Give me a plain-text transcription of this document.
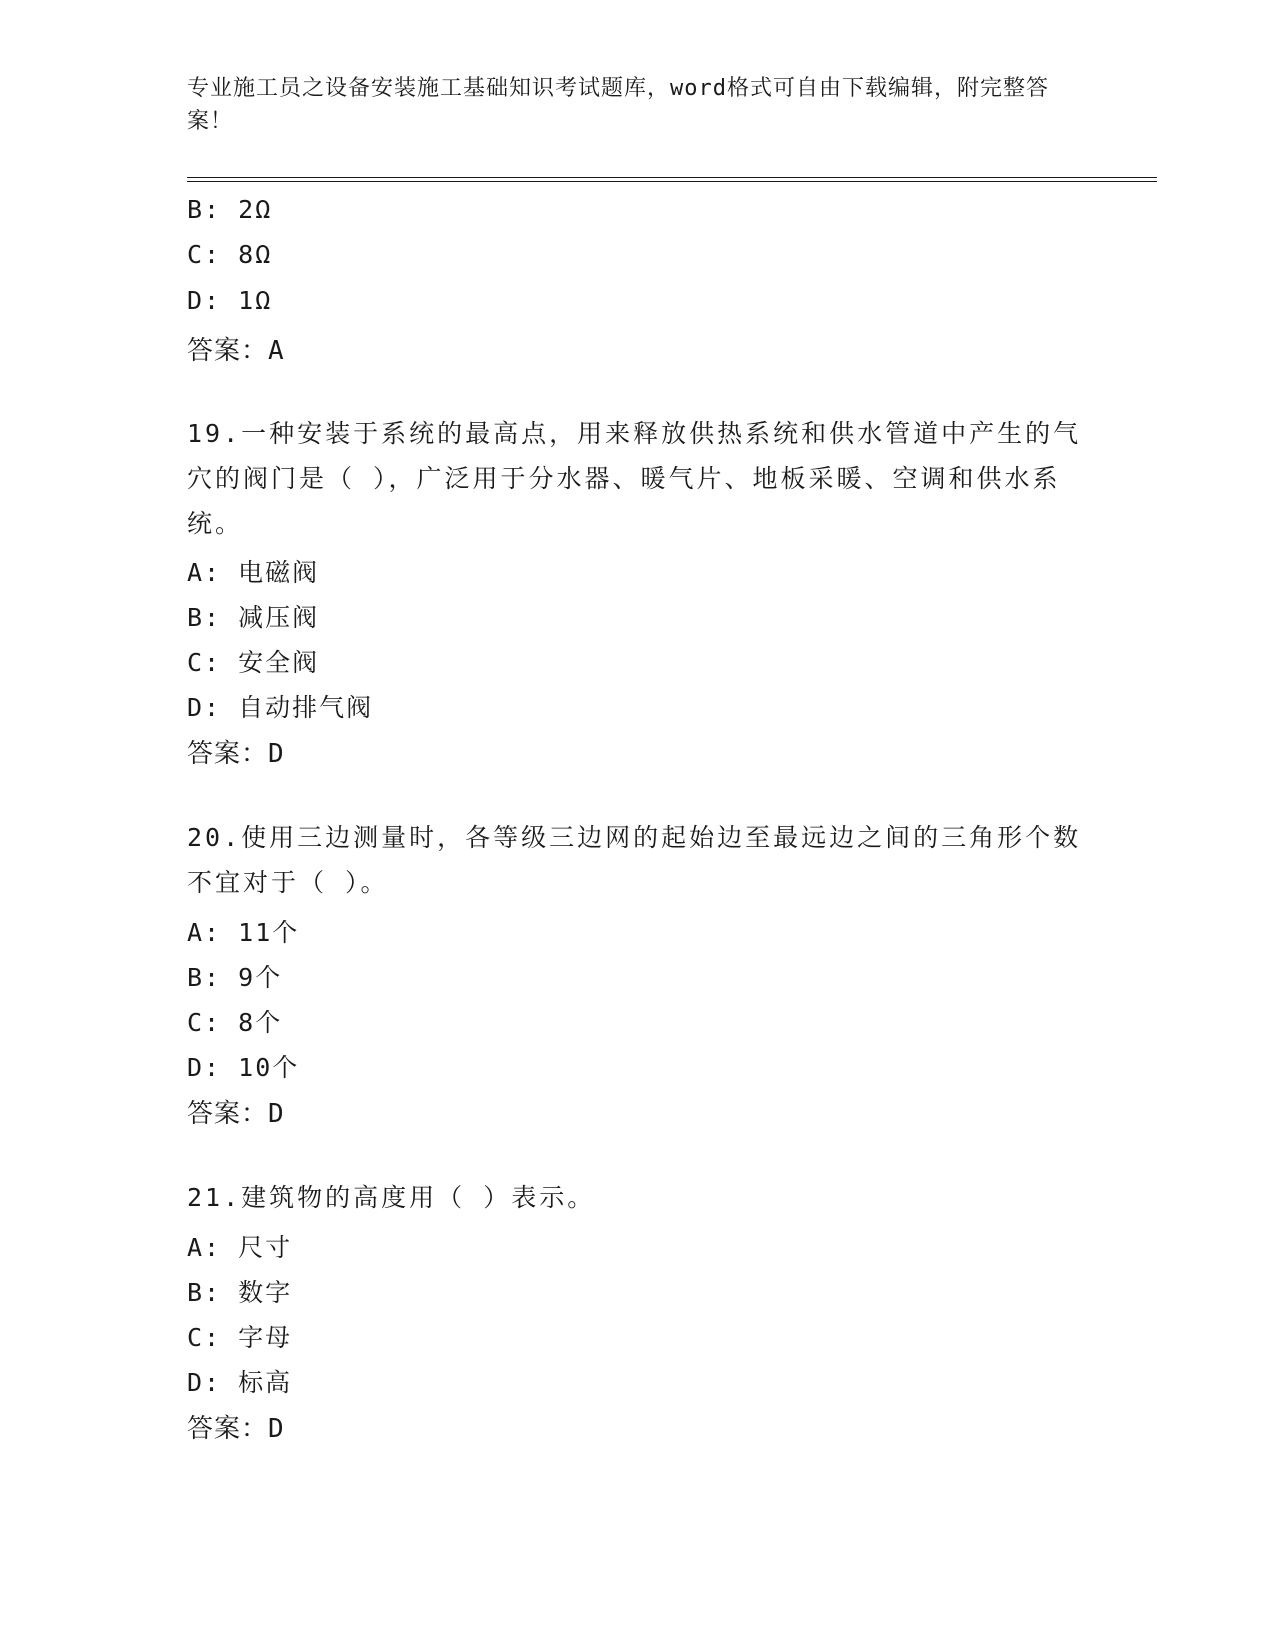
专业施工员之设备安装施工基础知识考试题库，word格式可自由下载编辑，附完整答案！
B: 2Ω
C: 8Ω
D: 1Ω
答案：A
19.一种安装于系统的最高点，用来释放供热系统和供水管道中产生的气穴的阀门是（ ），广泛用于分水器、暖气片、地板采暖、空调和供水系统。
A: 电磁阀
B: 减压阀
C: 安全阀
D: 自动排气阀
答案：D
20.使用三边测量时，各等级三边网的起始边至最远边之间的三角形个数不宜对于（ ）。
A: 11个
B: 9个
C: 8个
D: 10个
答案：D
21.建筑物的高度用（ ）表示。
A: 尺寸
B: 数字
C: 字母
D: 标高
答案：D
